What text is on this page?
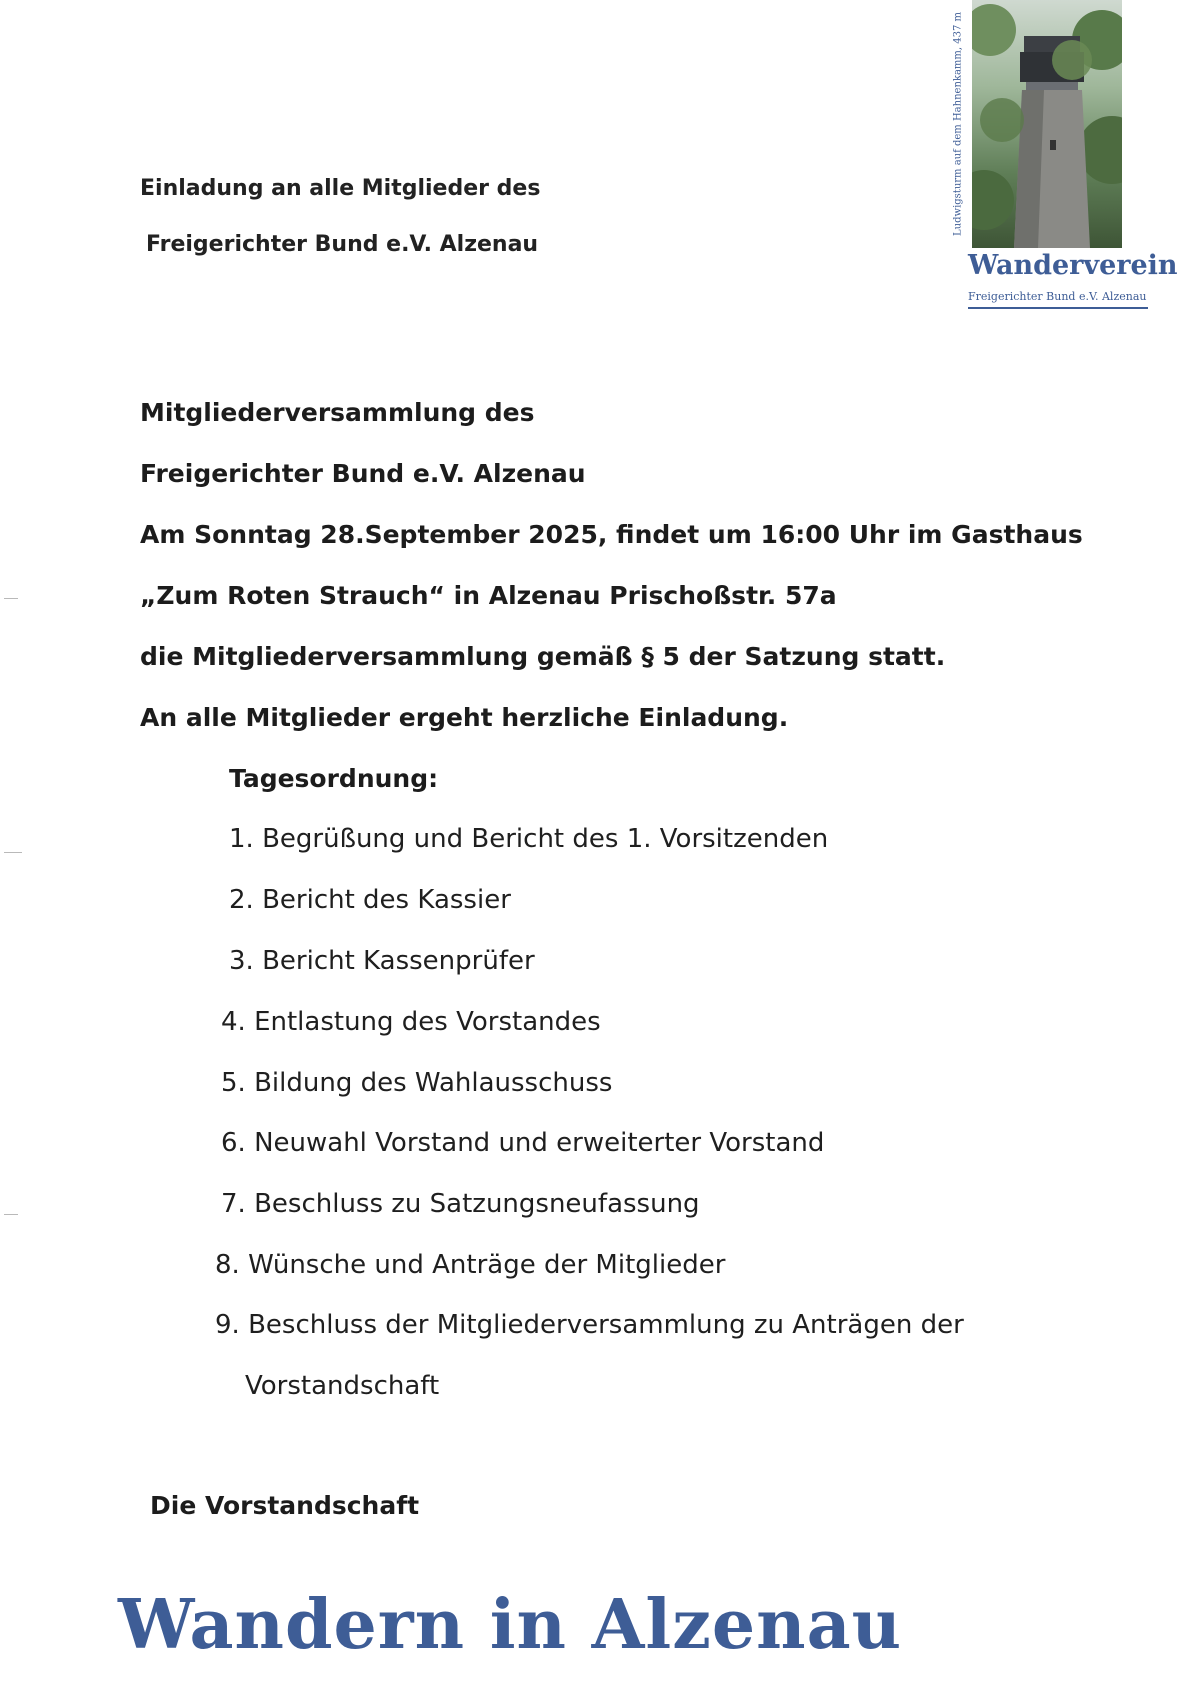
Einladung an alle Mitglieder des
Freigerichter Bund e.V. Alzenau
Ludwigsturm auf dem Hahnenkamm, 437 m
Wanderverein
Freigerichter Bund e.V. Alzenau
Mitgliederversammlung des
Freigerichter Bund e.V. Alzenau
Am Sonntag 28.September 2025, findet um 16:00 Uhr im Gasthaus
„Zum Roten Strauch“ in Alzenau Prischoßstr. 57a
die Mitgliederversammlung gemäß § 5 der Satzung statt.
An alle Mitglieder ergeht herzliche Einladung.
Tagesordnung:
1. Begrüßung und Bericht des 1. Vorsitzenden
2. Bericht des Kassier
3. Bericht Kassenprüfer
4. Entlastung des Vorstandes
5. Bildung des Wahlausschuss
6. Neuwahl Vorstand und erweiterter Vorstand
7. Beschluss zu Satzungsneufassung
8. Wünsche und Anträge der Mitglieder
9. Beschluss der Mitgliederversammlung zu Anträgen der
Vorstandschaft
Die Vorstandschaft
Wandern in Alzenau
